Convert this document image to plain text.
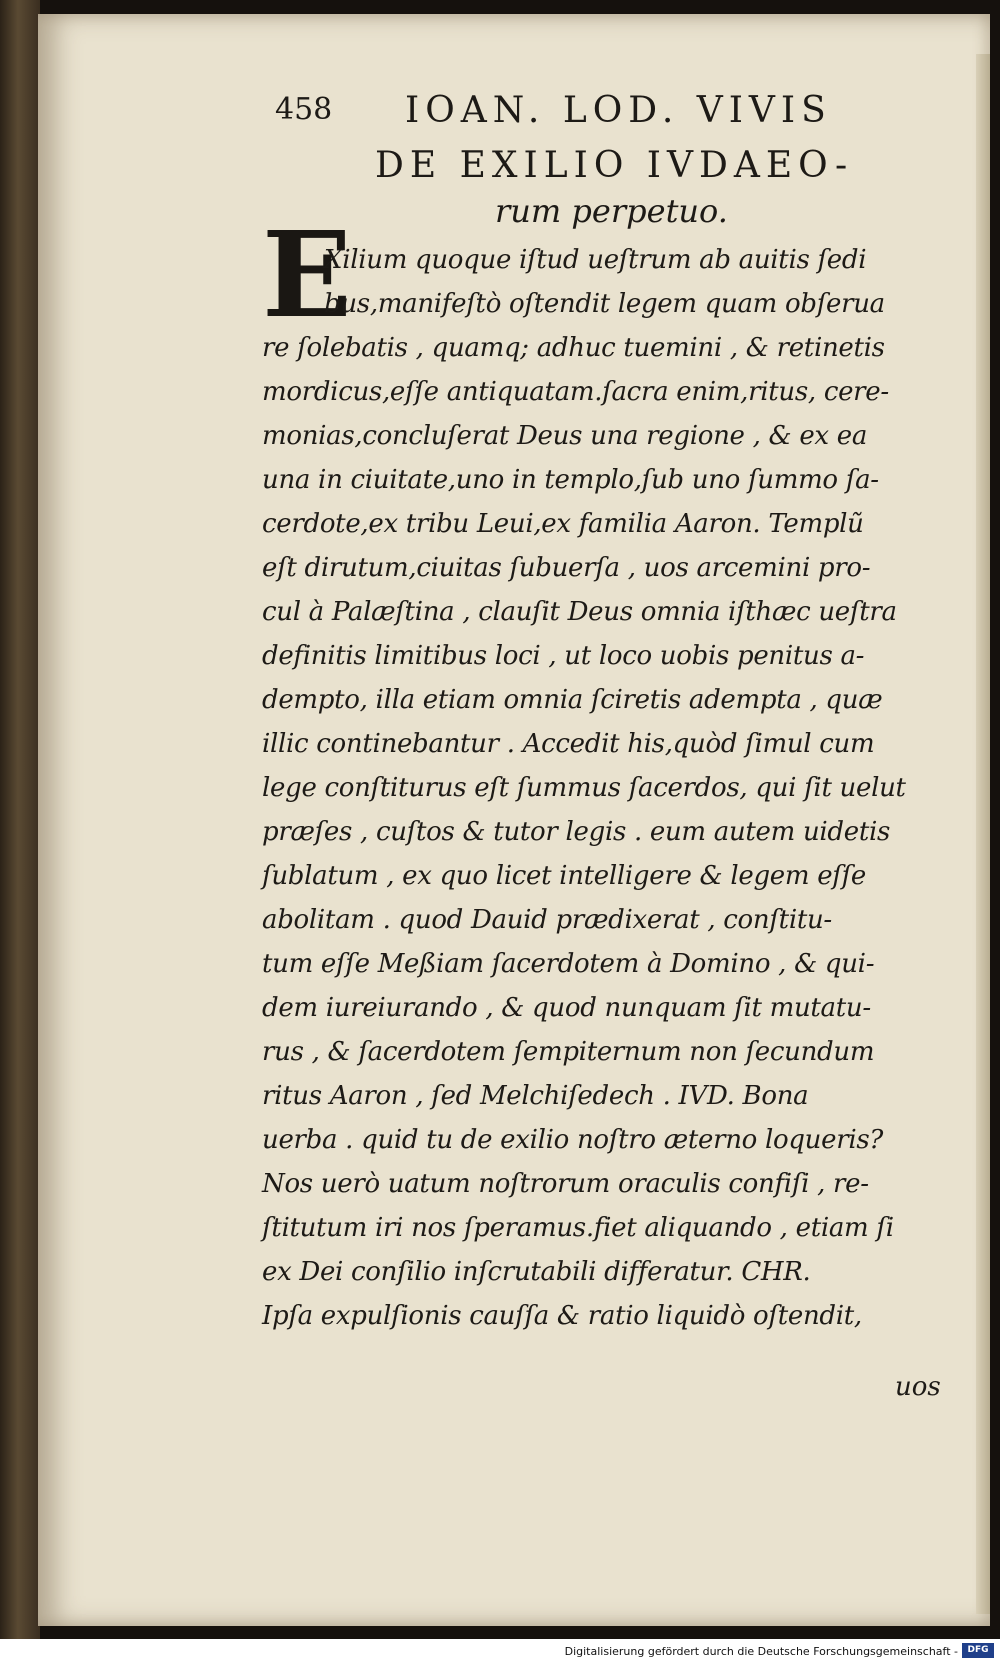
458 IOAN. LOD. VIVIS
DE EXILIO IVDAEO-
rum perpetuo.
E
Xilium quoque iſtud ueſtrum ab auitis ſedi
bus,manifeſtò oſtendit legem quam obſerua
re ſolebatis , quamq; adhuc tuemini , & retinetis
mordicus,eſſe antiquatam.ſacra enim,ritus, cere-
monias,concluſerat Deus una regione , & ex ea
una in ciuitate,uno in templo,ſub uno ſummo ſa-
cerdote,ex tribu Leui,ex familia Aaron. Templũ
eſt dirutum,ciuitas ſubuerſa , uos arcemini pro-
cul à Palæſtina , clauſit Deus omnia iſthæc ueſtra
definitis limitibus loci , ut loco uobis penitus a-
dempto, illa etiam omnia ſciretis adempta , quæ
illic continebantur . Accedit his,quòd ſimul cum
lege conſtiturus eſt ſummus ſacerdos, qui ſit uelut
præſes , cuſtos & tutor legis . eum autem uidetis
ſublatum , ex quo licet intelligere & legem eſſe
abolitam . quod Dauid prædixerat , conſtitu-
tum eſſe Meßiam ſacerdotem à Domino , & qui-
dem iureiurando , & quod nunquam ſit mutatu-
rus , & ſacerdotem ſempiternum non ſecundum
ritus Aaron , ſed Melchiſedech . IVD. Bona
uerba . quid tu de exilio noſtro æterno loqueris?
Nos uerò uatum noſtrorum oraculis confiſi , re-
ſtitutum iri nos ſperamus.fiet aliquando , etiam ſi
ex Dei conſilio inſcrutabili differatur. CHR.
Ipſa expulſionis cauſſa & ratio liquidò oſtendit,
uos
Digitalisierung gefördert durch die Deutsche Forschungsgemeinschaft -	DFG
